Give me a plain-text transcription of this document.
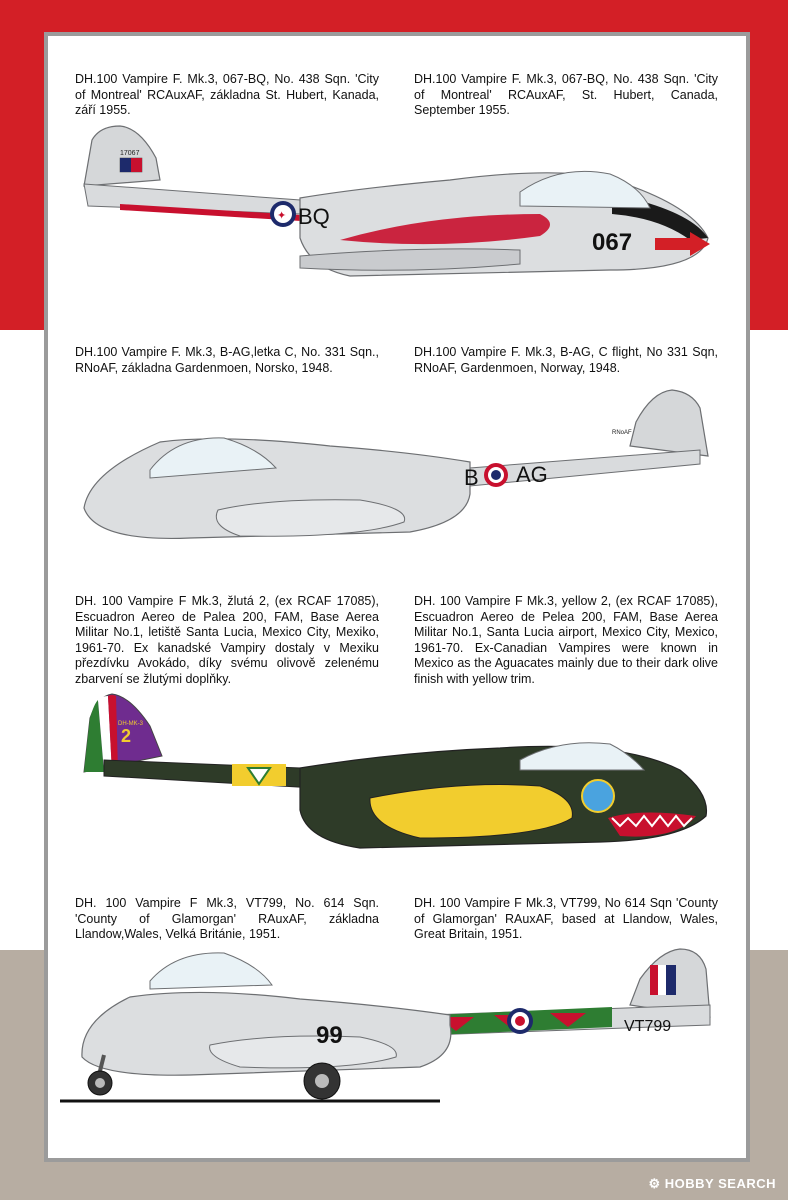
DH.100 Vampire F. Mk.3, 067-BQ, No. 438 Sqn. 'City of Montreal' RCAuxAF, základna St. Hubert, Kanada, září 1955.
DH.100 Vampire F. Mk.3, 067-BQ, No. 438 Sqn. 'City of Montreal' RCAuxAF, St. Hubert, Canada, September 1955.
DH.100 Vampire F. Mk.3, B-AG,letka C, No. 331 Sqn., RNoAF, základna Gardenmoen, Norsko, 1948.
DH.100 Vampire F. Mk.3, B-AG, C flight, No 331 Sqn, RNoAF, Gardenmoen, Norway, 1948.
DH. 100 Vampire F Mk.3, žlutá 2, (ex RCAF 17085), Escuadron Aereo de Palea 200, FAM, Base Aerea Militar No.1, letiště Santa Lucia, Mexico City, Mexiko, 1961-70. Ex kanadské Vampiry dostaly v Mexiku přezdívku Avokádo, díky svému olivově zelenému zbarvení se žlutými doplňky.
DH. 100 Vampire F Mk.3, yellow 2, (ex RCAF 17085), Escuadron Aereo de Pelea 200, FAM, Base Aerea Militar No.1, Santa Lucia airport, Mexico City, Mexico, 1961-70. Ex-Canadian Vampires were known in Mexico as the Aguacates mainly due to their dark olive finish with yellow trim.
DH. 100 Vampire F Mk.3, VT799, No. 614 Sqn. 'County of Glamorgan' RAuxAF, základna Llandow,Wales, Velká Británie, 1951.
DH. 100 Vampire F Mk.3, VT799, No 614 Sqn 'County of Glamorgan' RAuxAF, based at Llandow, Wales, Great Britain, 1951.
17067
✦ BQ
067
RNoAF
B AG
DH-MK-3
2
VT799
99
⚙ HOBBY SEARCH
